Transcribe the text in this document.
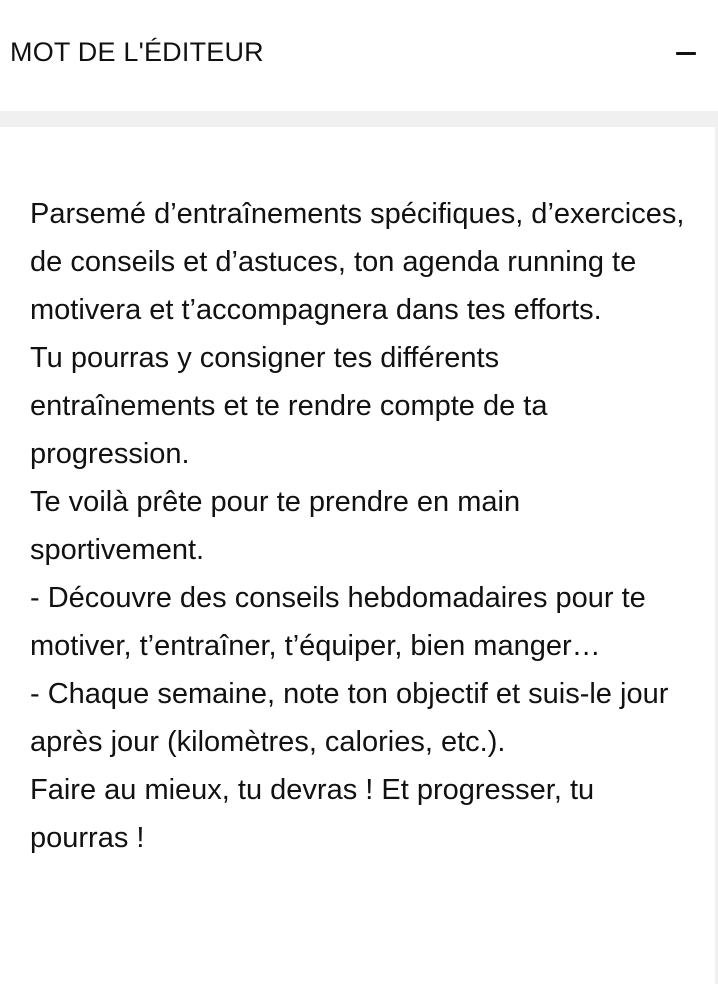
MOT DE L'ÉDITEUR

Parsemé d’entraînements spécifiques, d’exercices, de conseils et d’astuces, ton agenda running te motivera et t’accompagnera dans tes efforts.

Tu pourras y consigner tes différents entraînements et te rendre compte de ta progression.

Te voilà prête pour te prendre en main sportivement.

- Découvre des conseils hebdomadaires pour te motiver, t’entraîner, t’équiper, bien manger…

- Chaque semaine, note ton objectif et suis-le jour après jour (kilomètres, calories, etc.).

Faire au mieux, tu devras ! Et progresser, tu pourras !
